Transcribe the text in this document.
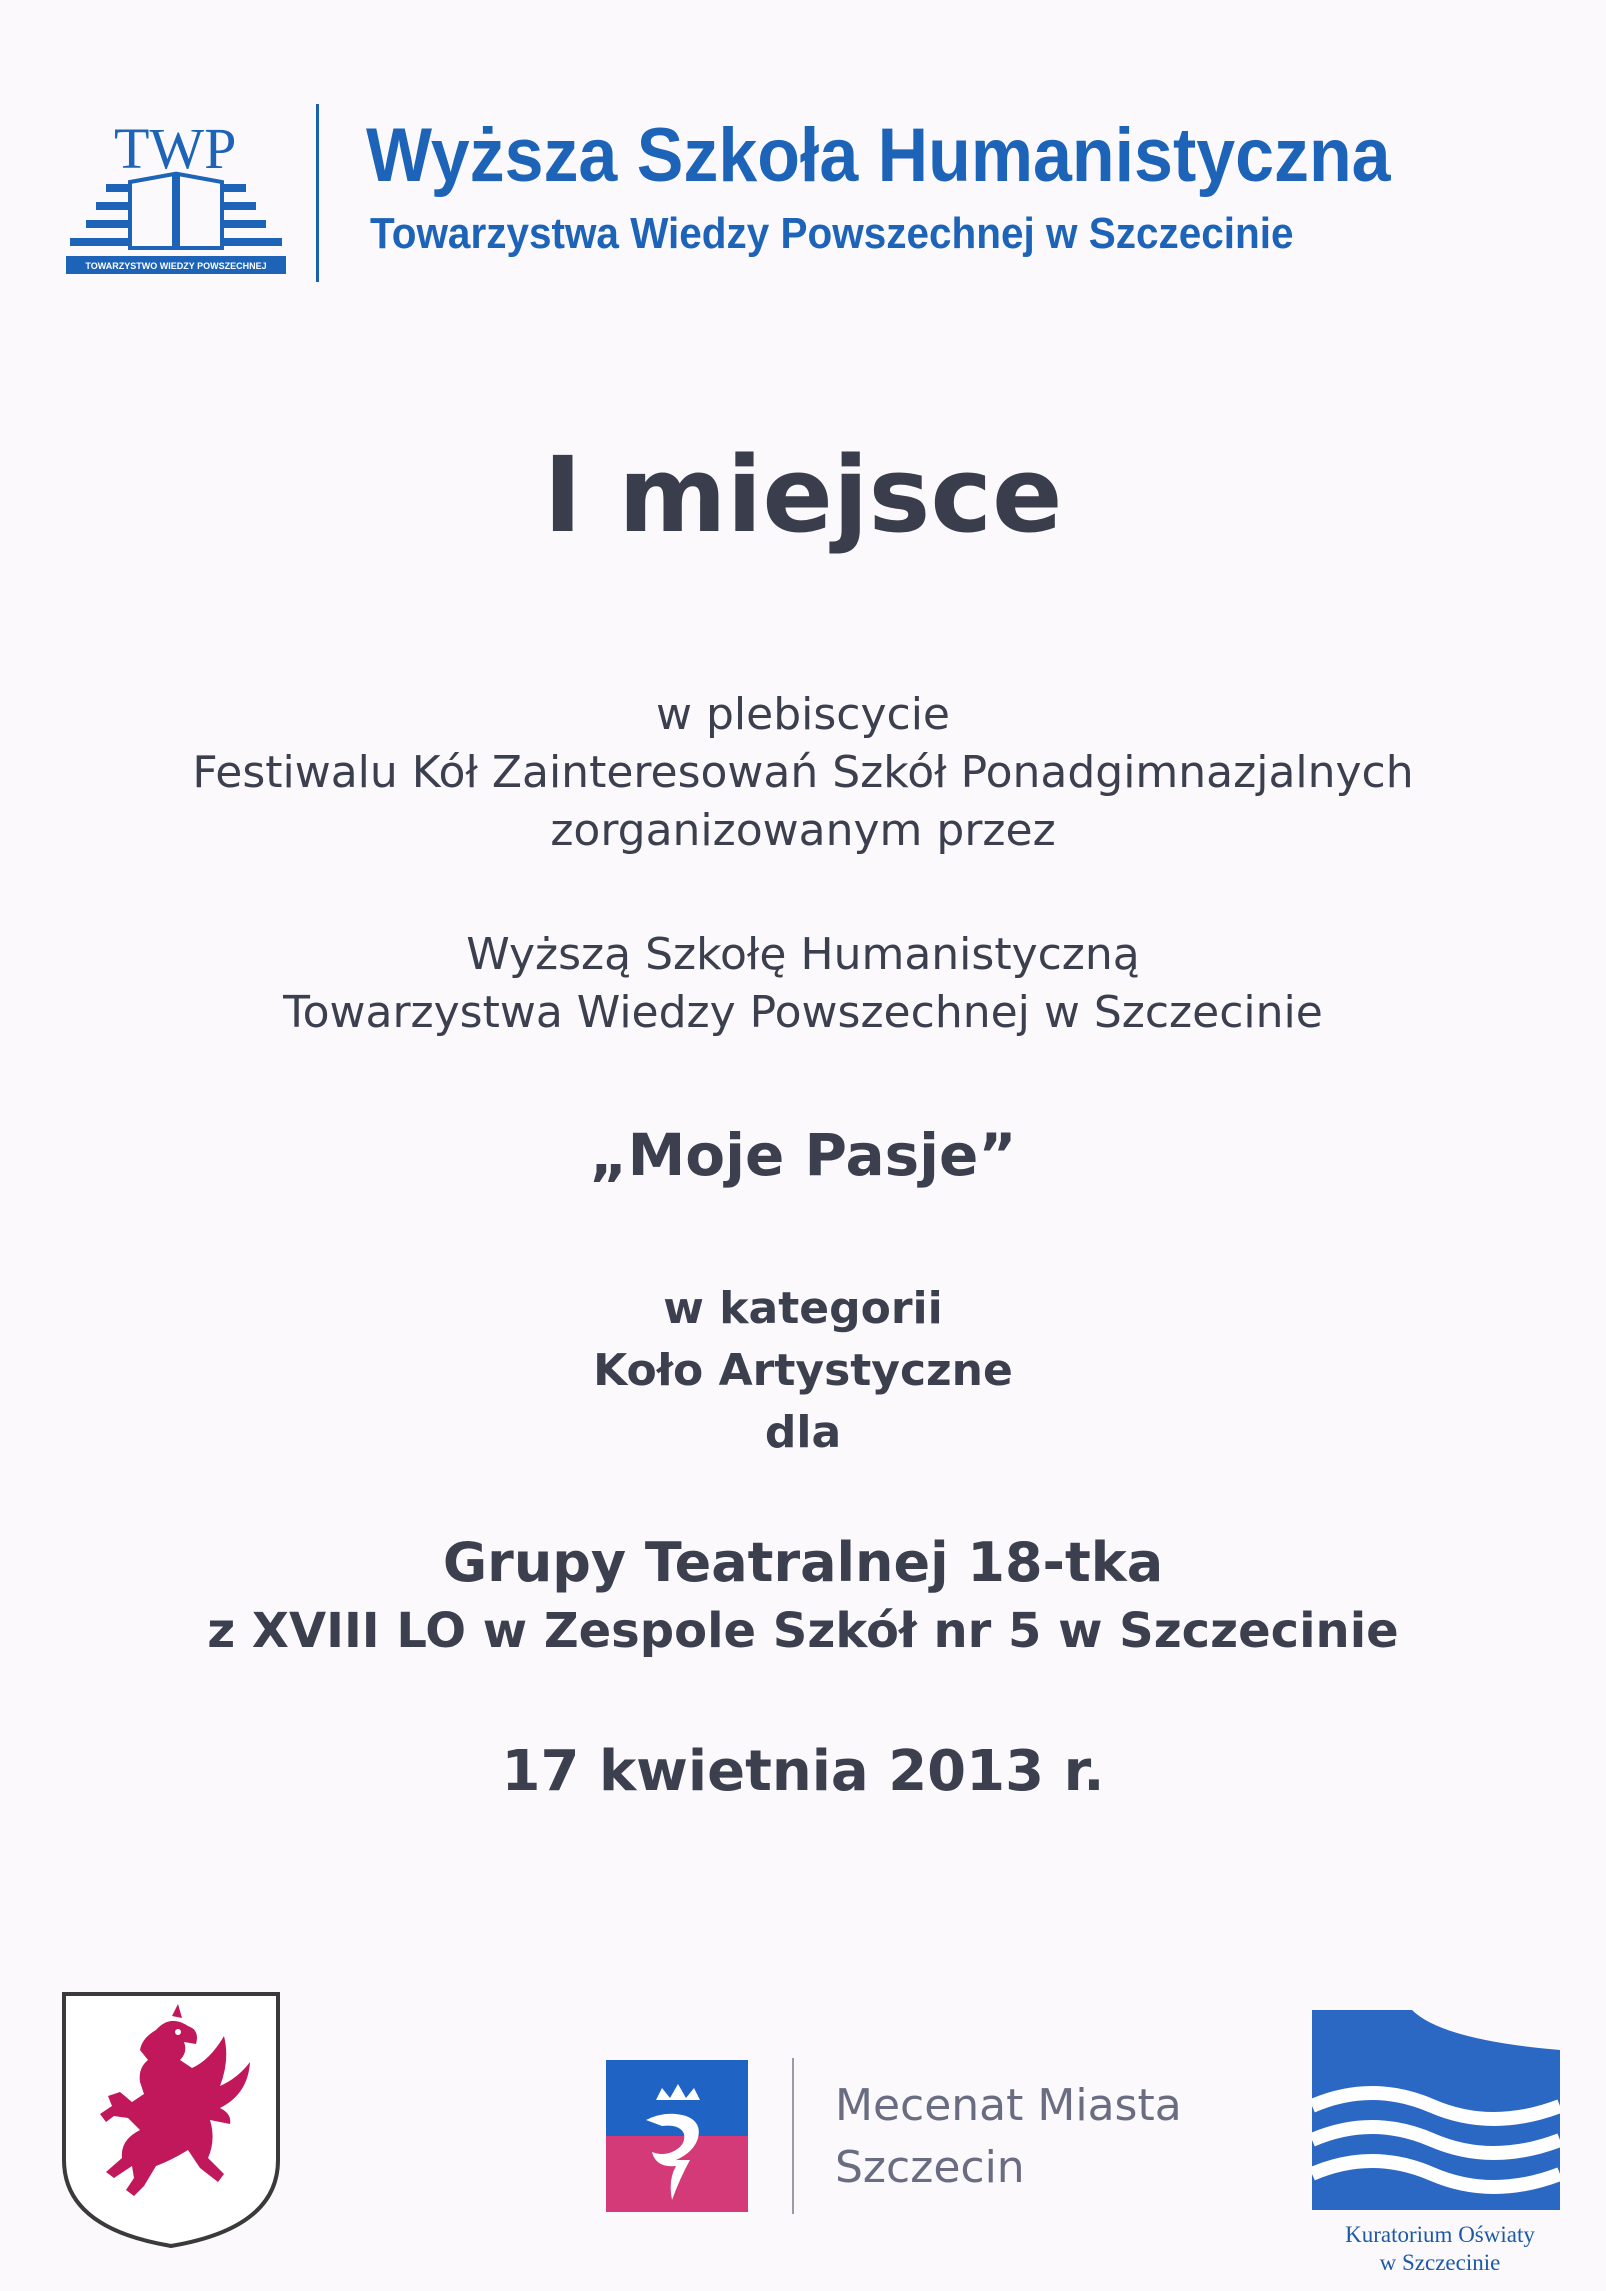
TWP
TOWARZYSTWO WIEDZY POWSZECHNEJ
Wyższa Szkoła Humanistyczna
Towarzystwa Wiedzy Powszechnej w Szczecinie
I miejsce
w plebiscycie
Festiwalu Kół Zainteresowań Szkół Ponadgimnazjalnych
zorganizowanym przez
Wyższą Szkołę Humanistyczną
Towarzystwa Wiedzy Powszechnej w Szczecinie
„Moje Pasje”
w kategorii
Koło Artystyczne
dla
Grupy Teatralnej 18-tka
z XVIII LO w Zespole Szkół nr 5 w Szczecinie
17 kwietnia 2013 r.
Mecenat Miasta
Szczecin
Kuratorium Oświaty
w Szczecinie
